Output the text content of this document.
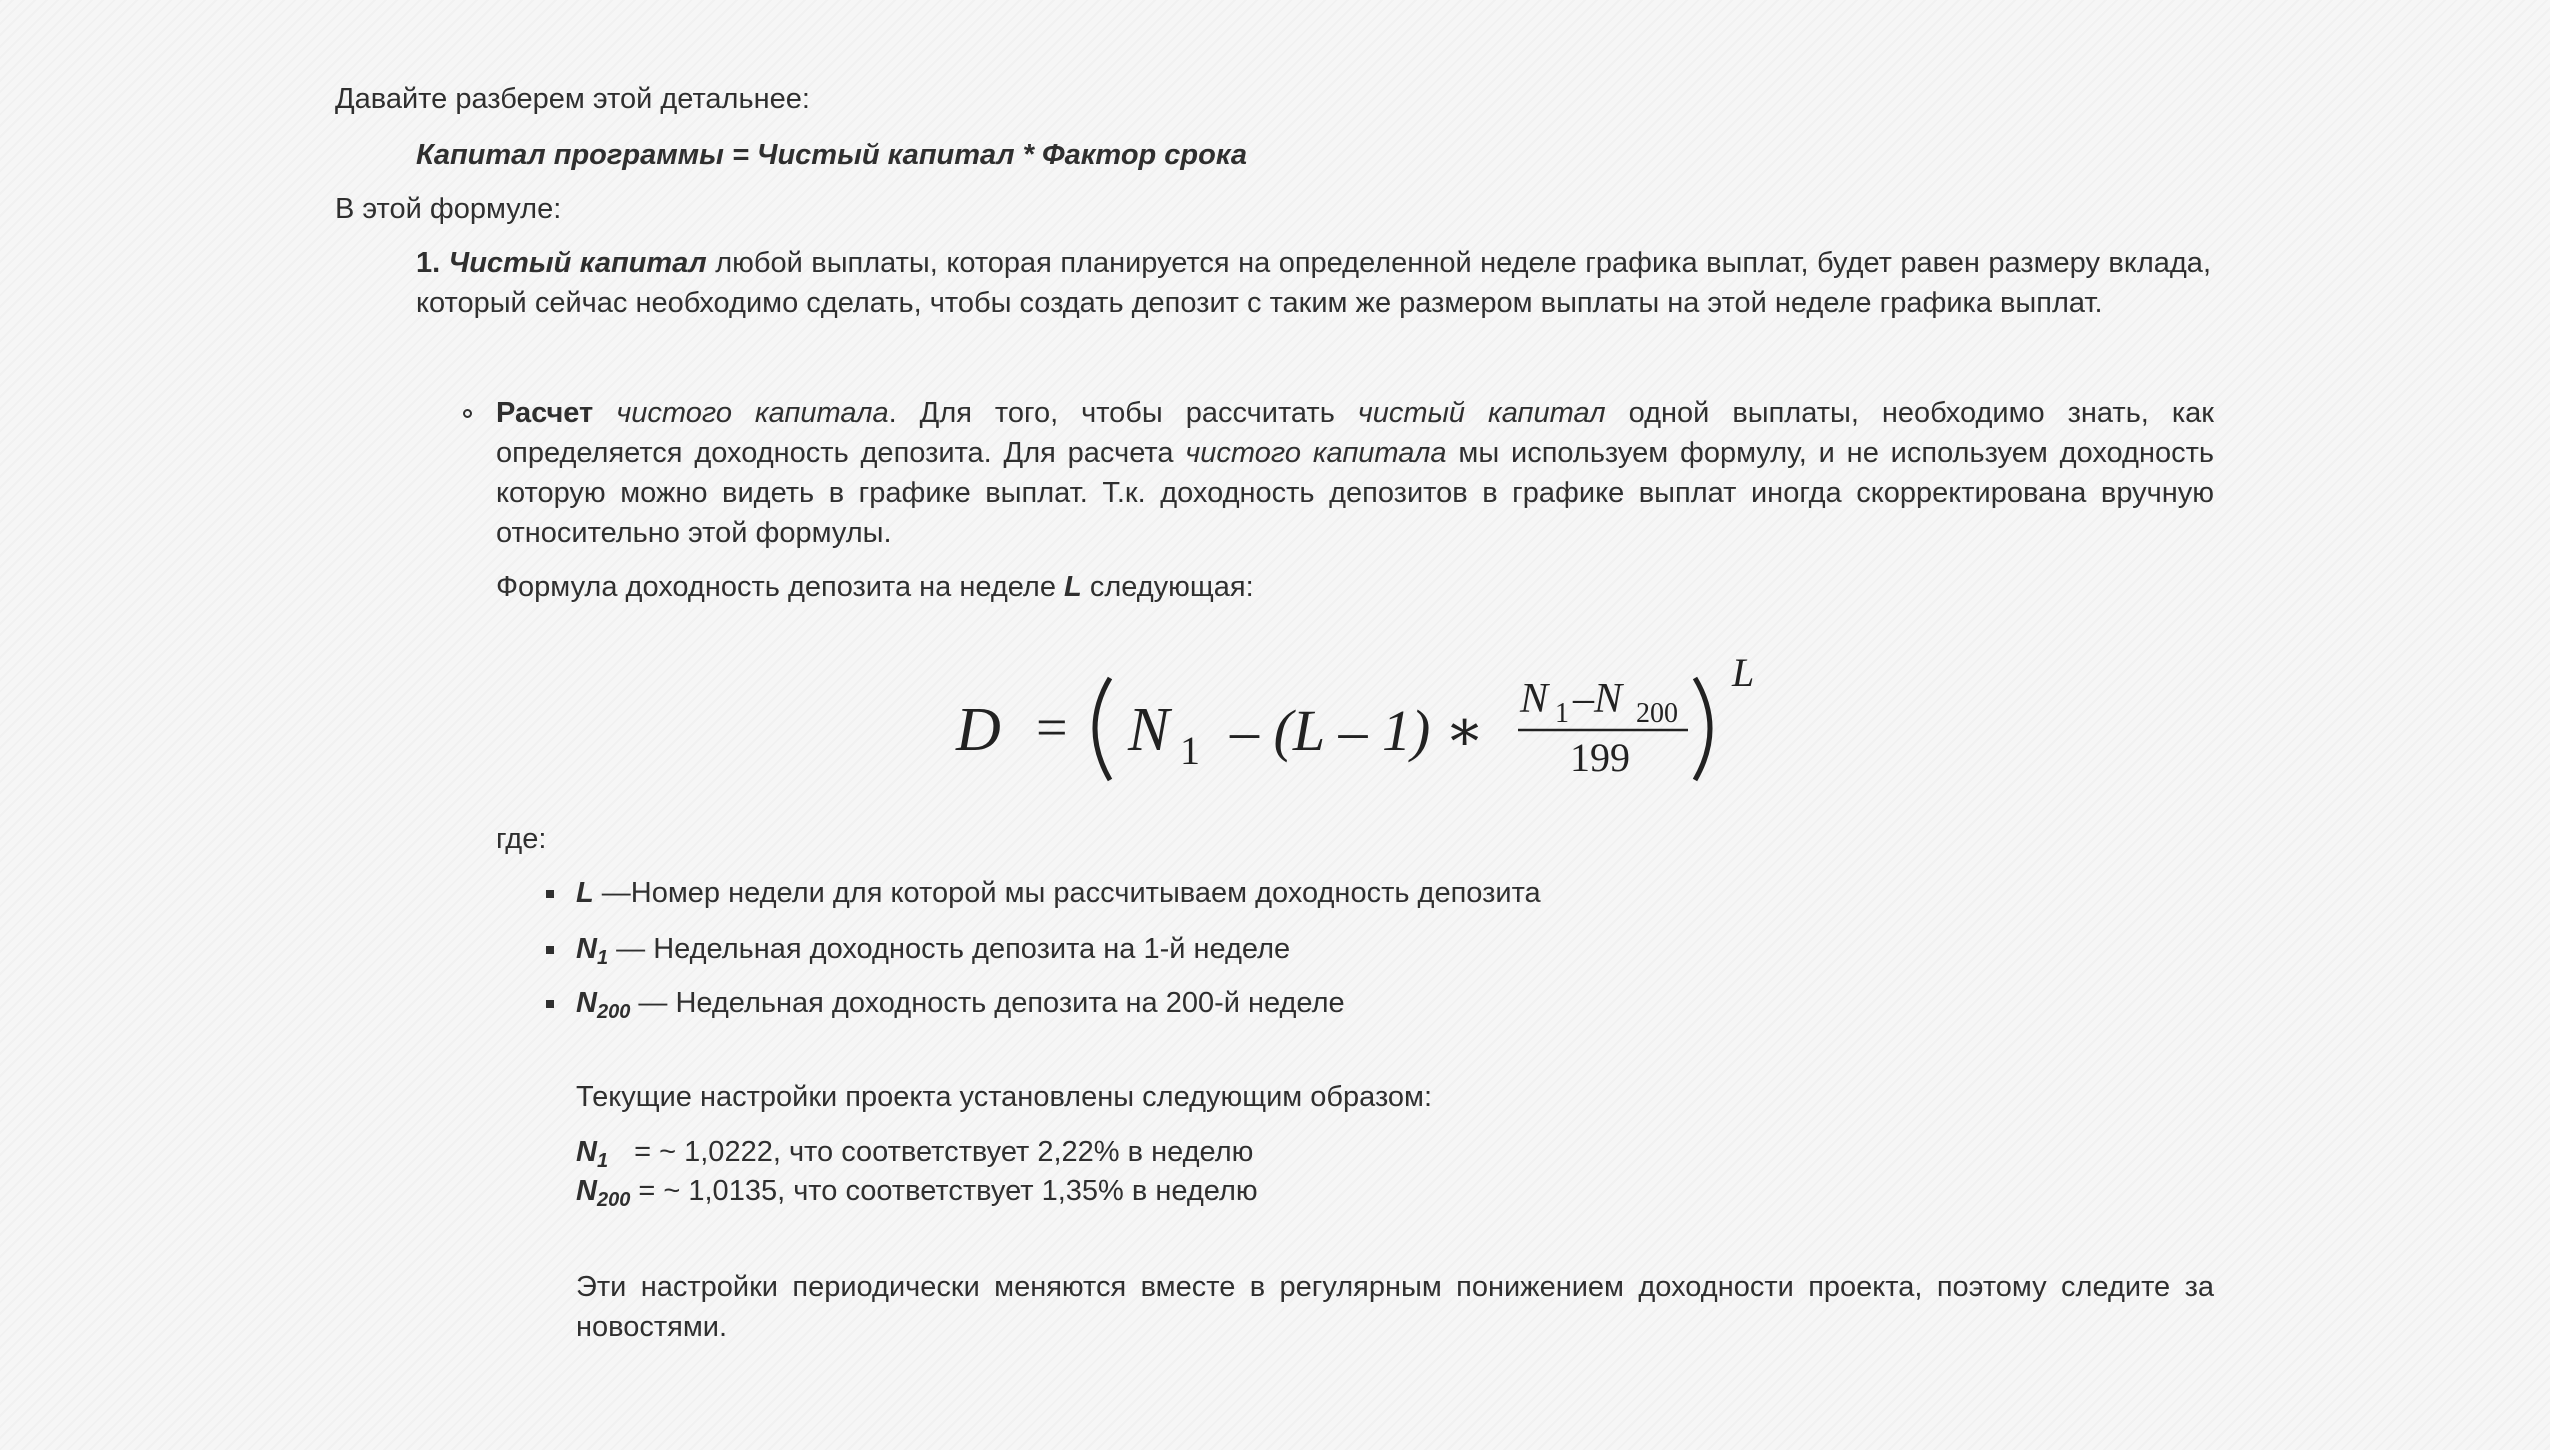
Давайте разберем этой детальнее:

Капитал программы = Чистый капитал * Фактор срока

В этой формуле:

1. Чистый капитал любой выплаты, которая планируется на определенной неделе графика выплат, будет равен размеру вклада,
который сейчас необходимо сделать, чтобы создать депозит с таким же размером выплаты на этой неделе графика выплат.
Расчет чистого капитала. Для того, чтобы рассчитать чистый капитал одной выплаты, необходимо знать, как
определяется доходность депозита. Для расчета чистого капитала мы используем формулу, и не используем доходность
которую можно видеть в графике выплат. Т.к. доходность депозитов в графике выплат иногда скорректирована вручную
относительно этой формулы.

Формула доходность депозита на неделе L следующая:

D = N 1 – (L – 1) ∗ N 1 –N 200
199
L

где:

L —Номер недели для которой мы рассчитываем доходность депозита

$N_1$ — Недельная доходность депозита на 1-й неделе

$N_{200}$ — Недельная доходность депозита на 200-й неделе

Текущие настройки проекта установлены следующим образом:

$N_1$ = ~ 1,0222, что соответствует 2,22% в неделю

$N_{200}$ = ~ 1,0135, что соответствует 1,35% в неделю

Эти настройки периодически меняются вместе в регулярным понижением доходности проекта, поэтому следите за
новостями.
